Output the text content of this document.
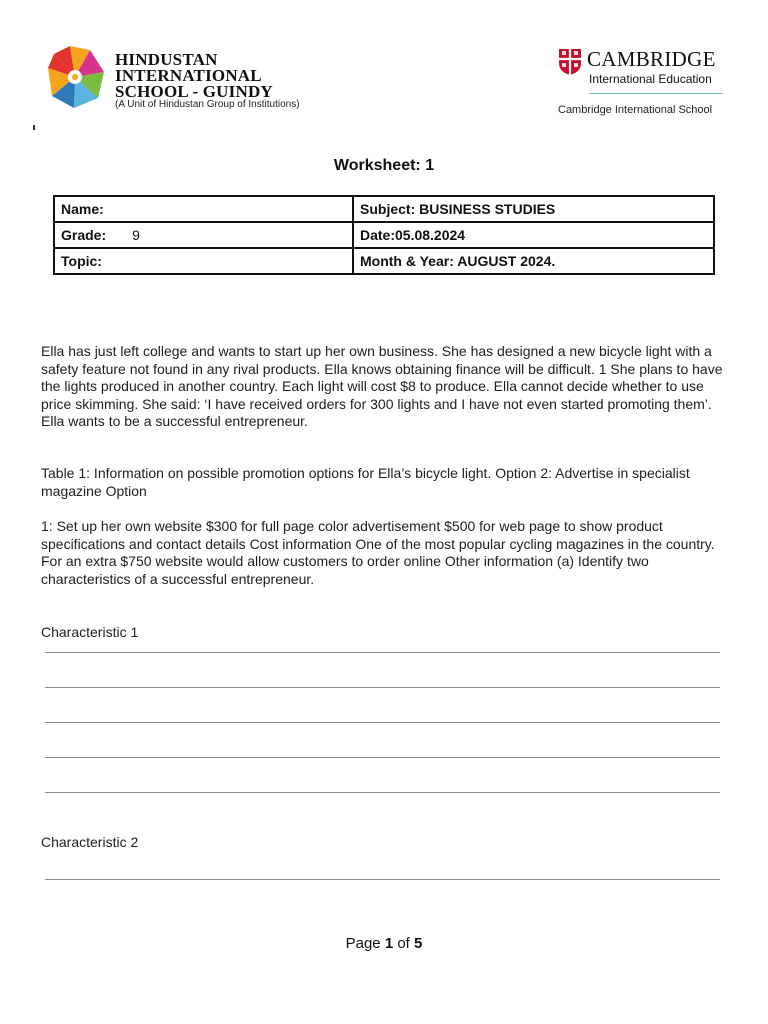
HINDUSTAN
INTERNATIONAL
SCHOOL - GUINDY
(A Unit of Hindustan Group of Institutions)
CAMBRIDGE
International Education
Cambridge International School
Worksheet: 1
Name:	Subject: BUSINESS STUDIES
Grade: 9	Date:05.08.2024
Topic:	Month & Year: AUGUST 2024.
Ella has just left college and wants to start up her own business. She has designed a new bicycle light with a safety feature not found in any rival products. Ella knows obtaining finance will be difficult. 1 She plans to have the lights produced in another country. Each light will cost $8 to produce. Ella cannot decide whether to use price skimming. She said: ‘I have received orders for 300 lights and I have not even started promoting them’. Ella wants to be a successful entrepreneur.
Table 1: Information on possible promotion options for Ella’s bicycle light. Option 2: Advertise in specialist magazine Option
1: Set up her own website $300 for full page color advertisement $500 for web page to show product specifications and contact details Cost information One of the most popular cycling magazines in the country. For an extra $750 website would allow customers to order online Other information (a) Identify two characteristics of a successful entrepreneur.
Characteristic 1
Characteristic 2
Page 1 of 5
